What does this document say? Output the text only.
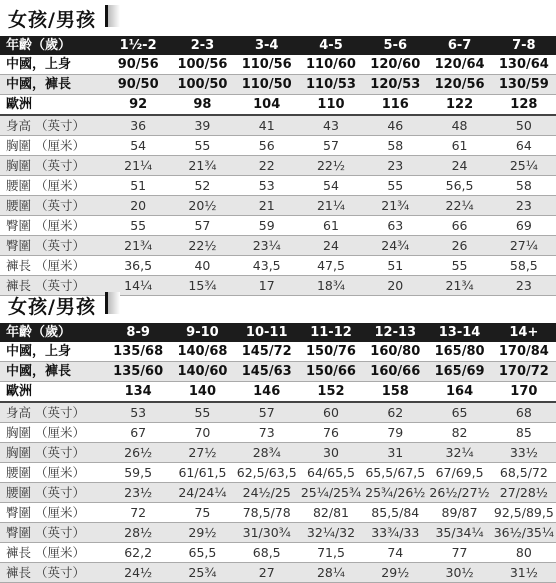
女孩/男孩
年齡（歲）	1½-2	2-3	3-4	4-5	5-6	6-7	7-8
中國，上身	90/56	100/56	110/56	110/60	120/60	120/64	130/64
中國，褲長	90/50	100/50	110/50	110/53	120/53	120/56	130/59
歐洲	92	98	104	110	116	122	128
身高 （英寸）	36	39	41	43	46	48	50
胸圍 （厘米）	54	55	56	57	58	61	64
胸圍 （英寸）	21¼	21¾	22	22½	23	24	25¼
腰圍 （厘米）	51	52	53	54	55	56,5	58
腰圍 （英寸）	20	20½	21	21¼	21¾	22¼	23
臀圍 （厘米）	55	57	59	61	63	66	69
臀圍 （英寸）	21¾	22½	23¼	24	24¾	26	27¼
褲長 （厘米）	36,5	40	43,5	47,5	51	55	58,5
褲長 （英寸）	14¼	15¾	17	18¾	20	21¾	23
女孩/男孩
年齡（歲）	8-9	9-10	10-11	11-12	12-13	13-14	14+
中國，上身	135/68	140/68	145/72	150/76	160/80	165/80	170/84
中國，褲長	135/60	140/60	145/63	150/66	160/66	165/69	170/72
歐洲	134	140	146	152	158	164	170
身高 （英寸）	53	55	57	60	62	65	68
胸圍 （厘米）	67	70	73	76	79	82	85
胸圍 （英寸）	26½	27½	28¾	30	31	32¼	33½
腰圍 （厘米）	59,5	61/61,5	62,5/63,5	64/65,5	65,5/67,5	67/69,5	68,5/72
腰圍 （英寸）	23½	24/24¼	24½/25	25¼/25¾	25¾/26½	26½/27½	27/28½
臀圍 （厘米）	72	75	78,5/78	82/81	85,5/84	89/87	92,5/89,5
臀圍 （英寸）	28½	29½	31/30¾	32¼/32	33¾/33	35/34¼	36½/35¼
褲長 （厘米）	62,2	65,5	68,5	71,5	74	77	80
褲長 （英寸）	24½	25¾	27	28¼	29½	30½	31½
